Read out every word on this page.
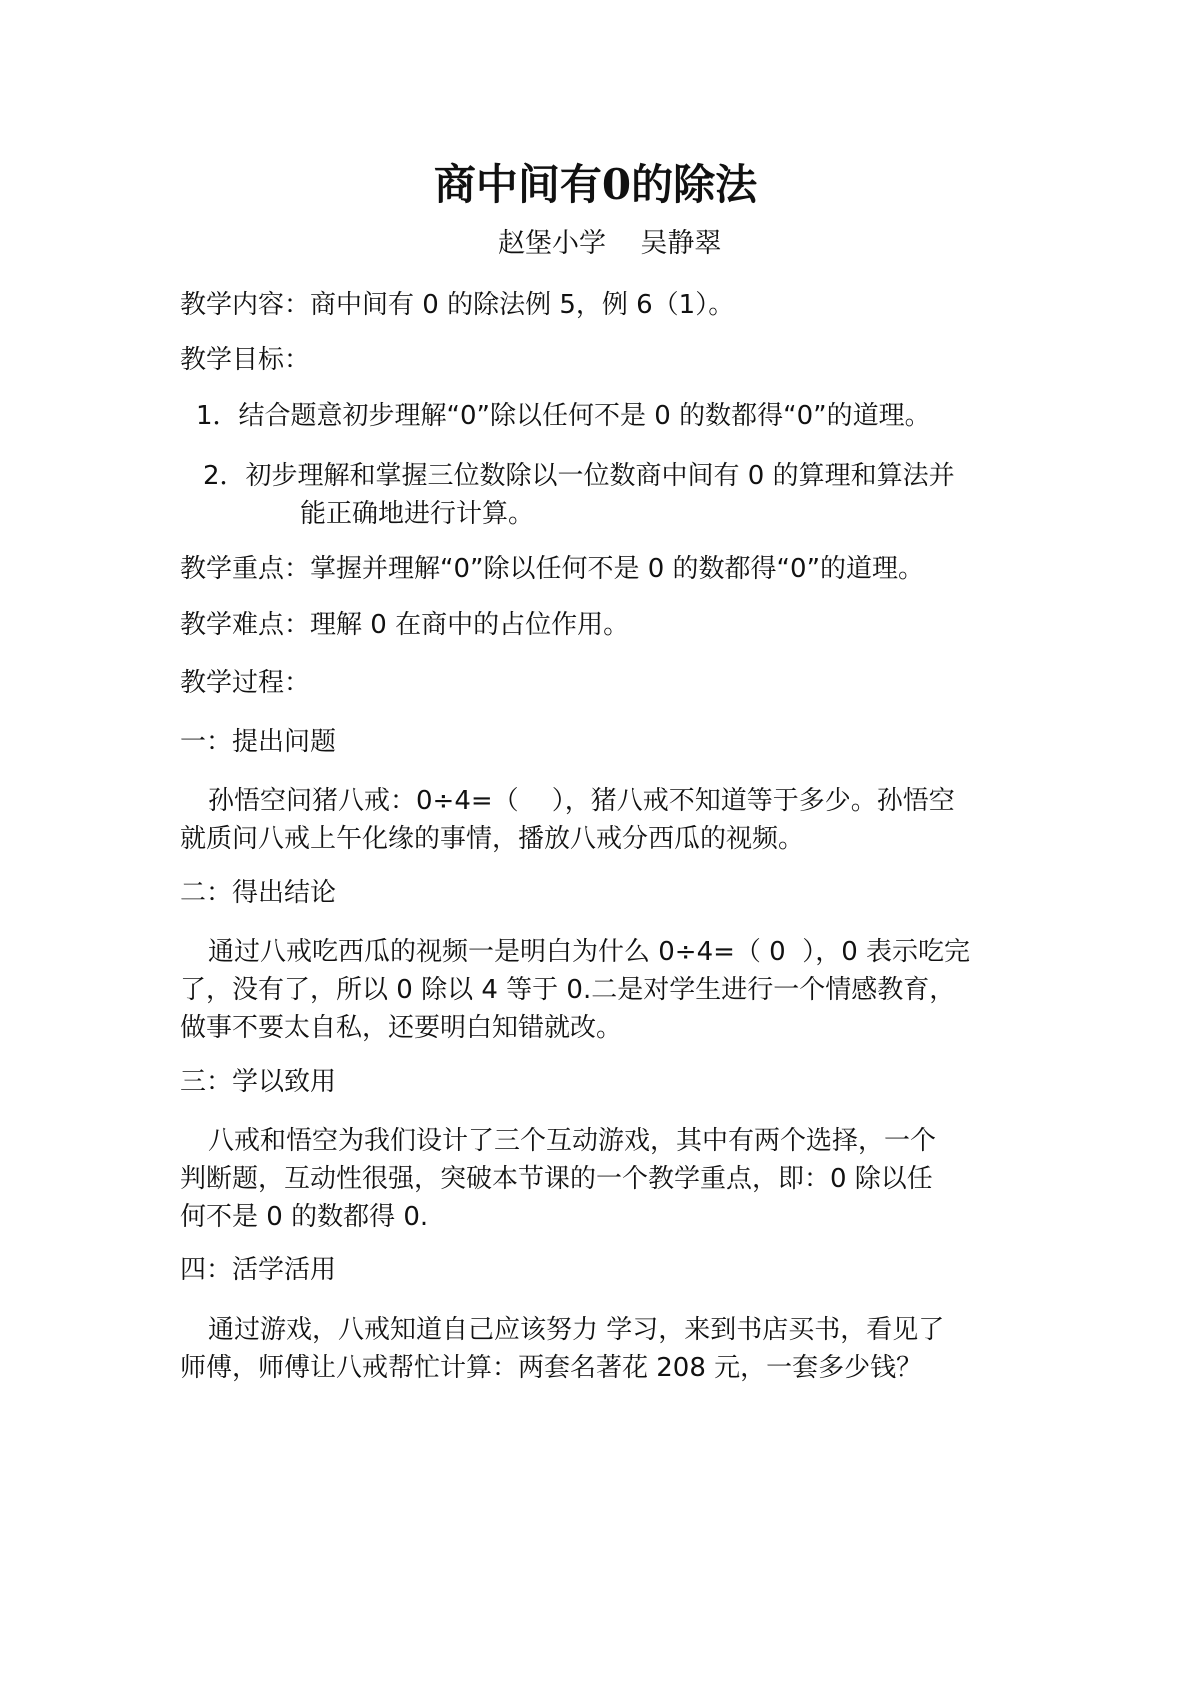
商中间有0的除法
赵堡小学    吴静翠
教学内容：商中间有 0 的除法例 5，例 6（1）。
教学目标：
1．结合题意初步理解“0”除以任何不是 0 的数都得“0”的道理。
2．初步理解和掌握三位数除以一位数商中间有 0 的算理和算法并
能正确地进行计算。
教学重点：掌握并理解“0”除以任何不是 0 的数都得“0”的道理。
教学难点：理解 0 在商中的占位作用。
教学过程：
一：提出问题
孙悟空问猪八戒：0÷4=（    ），猪八戒不知道等于多少。孙悟空
就质问八戒上午化缘的事情，播放八戒分西瓜的视频。
二：得出结论
通过八戒吃西瓜的视频一是明白为什么 0÷4=（ 0  ），0 表示吃完
了，没有了，所以 0 除以 4 等于 0.二是对学生进行一个情感教育，
做事不要太自私，还要明白知错就改。
三：学以致用
八戒和悟空为我们设计了三个互动游戏，其中有两个选择，一个
判断题，互动性很强，突破本节课的一个教学重点，即：0 除以任
何不是 0 的数都得 0.
四：活学活用
通过游戏，八戒知道自己应该努力 学习，来到书店买书，看见了
师傅，师傅让八戒帮忙计算：两套名著花 208 元，一套多少钱？
